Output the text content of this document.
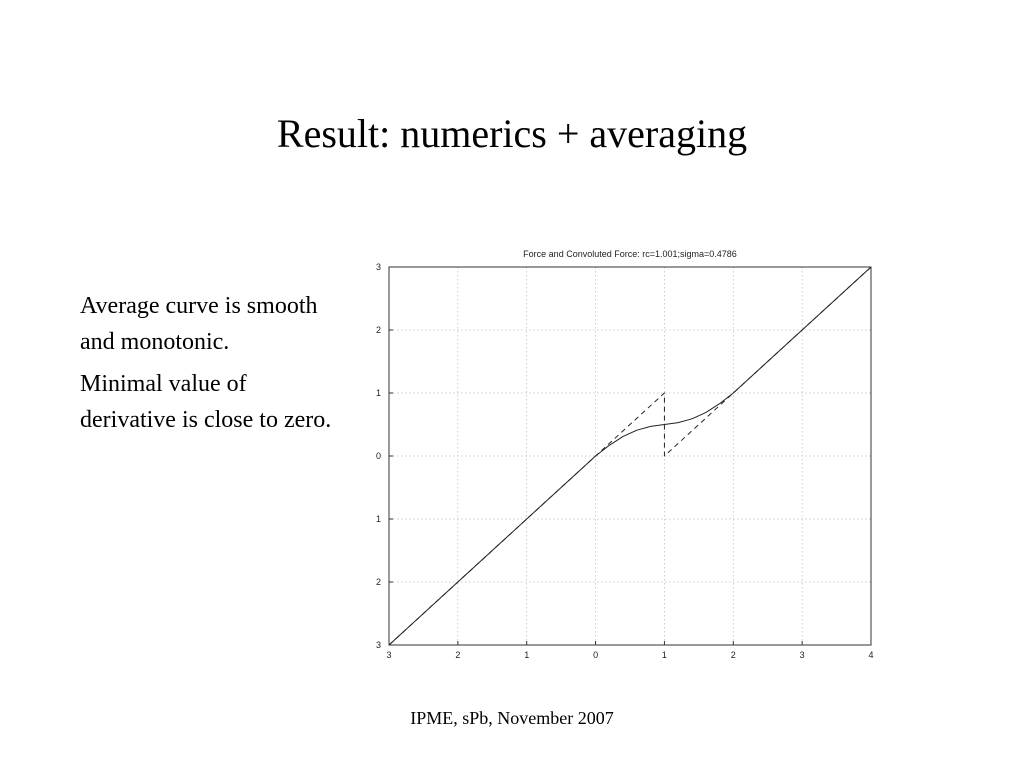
Result: numerics + averaging

Average curve is smooth and monotonic.

Minimal value of derivative is close to zero.

Force and Convoluted Force: rc=1.001;sigma=0.4786
3	2	1	0	1	2	3	4
3
2
1
0
1
2
3
IPME, sPb, November 2007
